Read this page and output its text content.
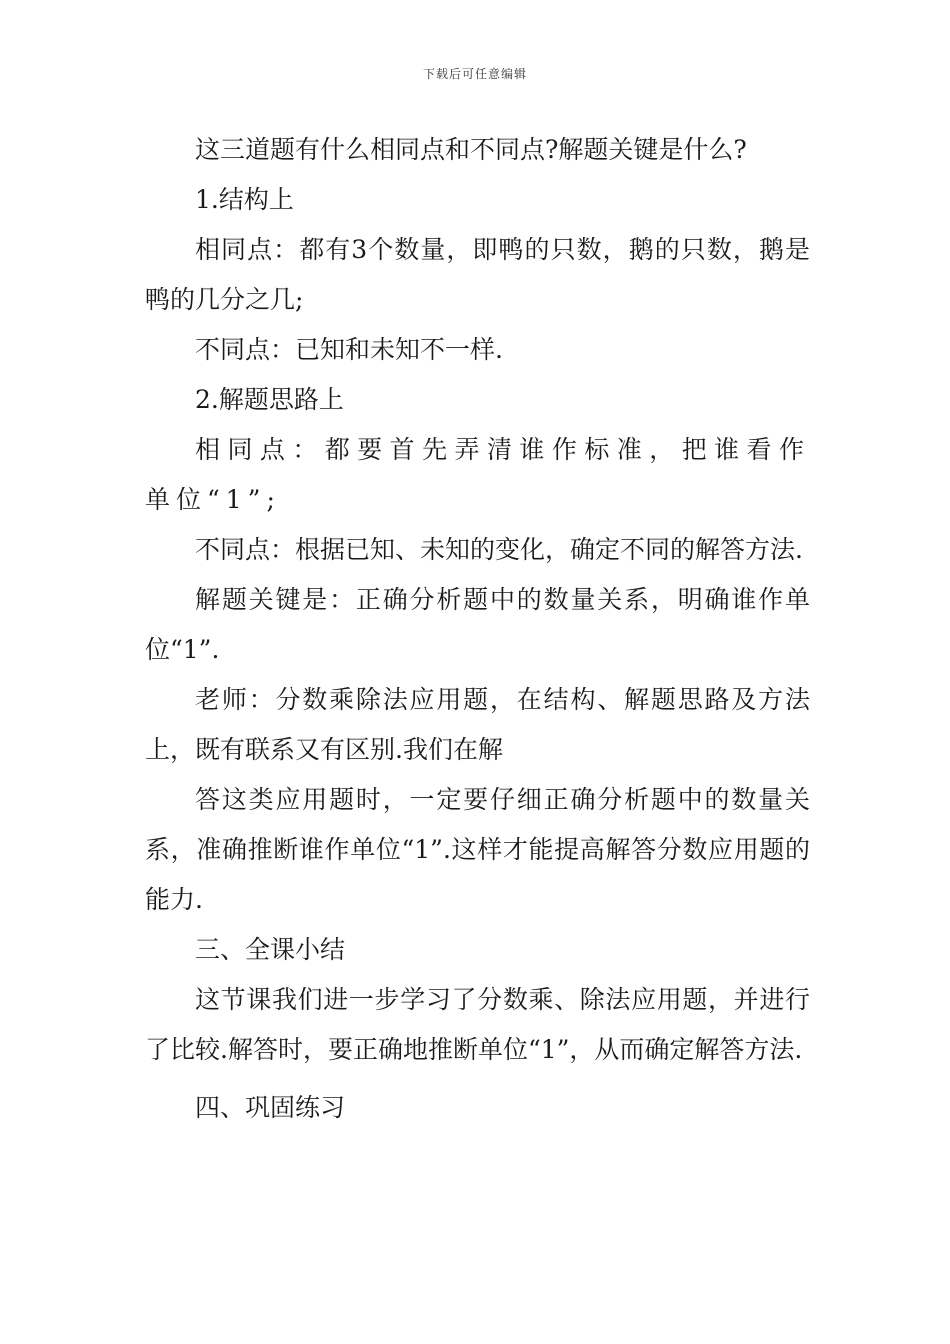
下载后可任意编辑

这三道题有什么相同点和不同点?解题关键是什么?

1.结构上

相同点：都有3个数量，即鸭的只数，鹅的只数，鹅是鸭的几分之几;

不同点：已知和未知不一样.

2.解题思路上

相同点：都要首先弄清谁作标准，把谁看作单位“1”;

不同点：根据已知、未知的变化，确定不同的解答方法.

解题关键是：正确分析题中的数量关系，明确谁作单位“1”.

老师：分数乘除法应用题，在结构、解题思路及方法上，既有联系又有区别.我们在解

答这类应用题时，一定要仔细正确分析题中的数量关系，准确推断谁作单位“1”.这样才能提高解答分数应用题的能力.

三、全课小结

这节课我们进一步学习了分数乘、除法应用题，并进行了比较.解答时，要正确地推断单位“1”，从而确定解答方法.

四、巩固练习
